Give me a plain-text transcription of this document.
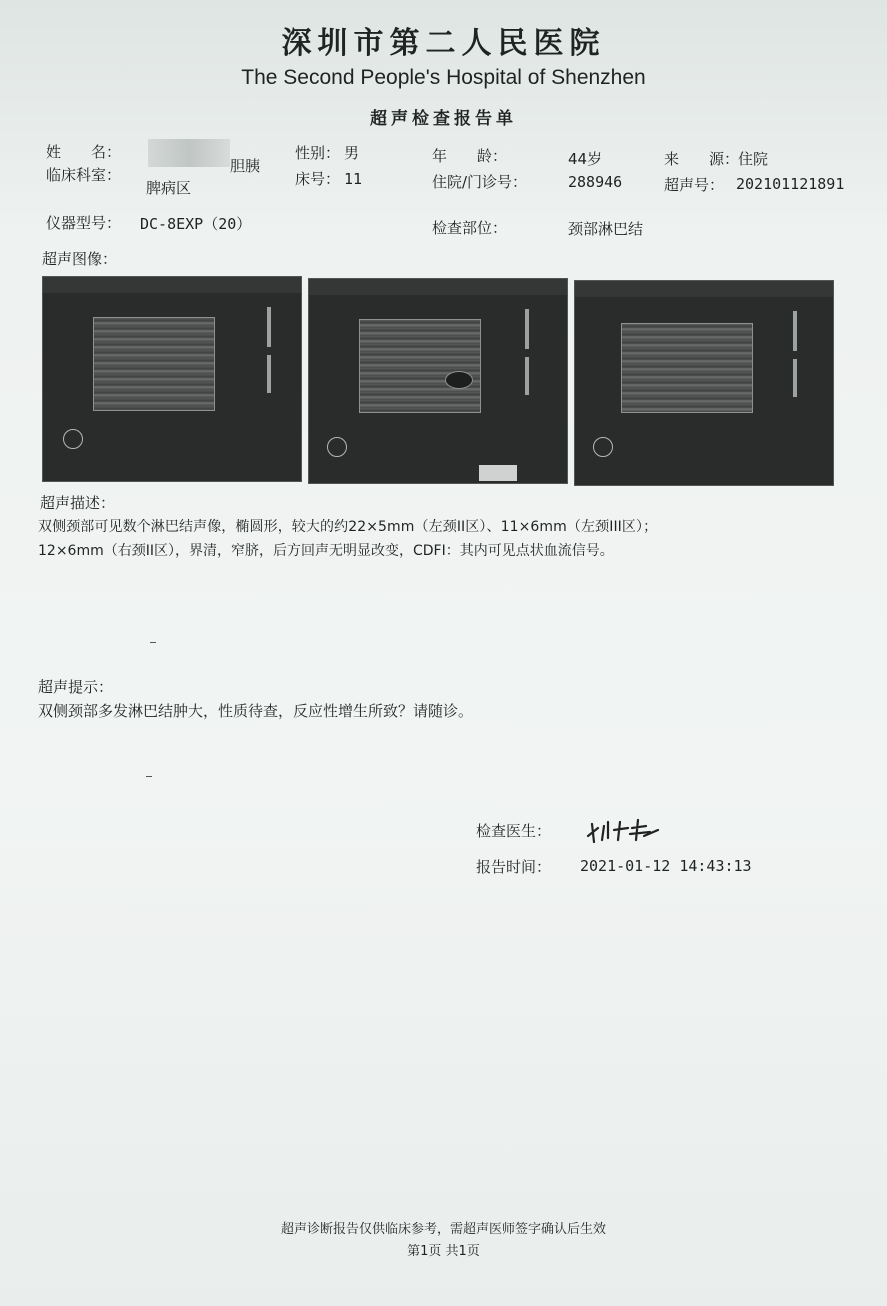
深圳市第二人民医院
The Second People's Hospital of Shenzhen
超声检查报告单
姓　　名：	性别： 男	年　　龄：	44岁	来　　源：
住院
临床科室：	胆胰
脾病区	床号： 11	住院/门诊号：	288946	超声号： 202101121891
仪器型号： DC-8EXP（20）	检查部位：	颈部淋巴结
超声图像：
超声描述：
双侧颈部可见数个淋巴结声像，椭圆形，较大的约22×5mm（左颈II区）、11×6mm（左颈III区）；
12×6mm（右颈II区），界清，窄脐，后方回声无明显改变，CDFI：其内可见点状血流信号。
超声提示：
双侧颈部多发淋巴结肿大，性质待查，反应性增生所致？请随诊。
检查医生：
报告时间： 2021-01-12 14:43:13
超声诊断报告仅供临床参考，需超声医师签字确认后生效
第1页 共1页
